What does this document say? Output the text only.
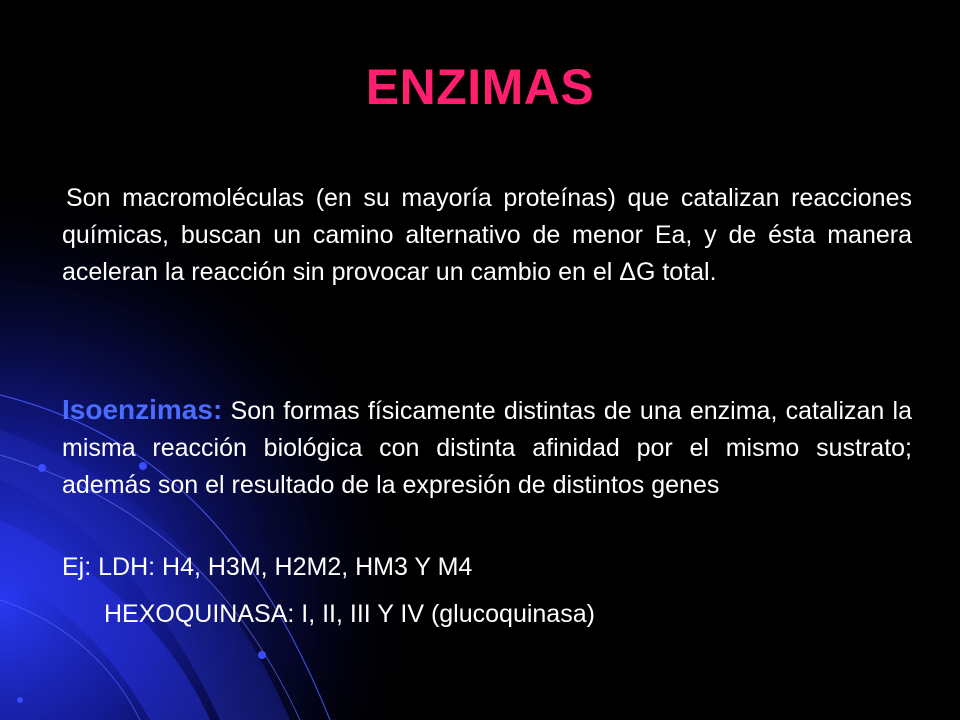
ENZIMAS
Son macromoléculas (en su mayoría proteínas) que catalizan reacciones químicas, buscan un camino alternativo de menor Ea, y de ésta manera aceleran la reacción sin provocar un cambio en el ΔG total.
Isoenzimas: Son formas físicamente distintas de una enzima, catalizan la misma reacción biológica con distinta afinidad por el mismo sustrato; además son el resultado de la expresión de distintos genes
Ej: LDH: H4, H3M, H2M2, HM3 Y M4
HEXOQUINASA: I, II, III Y IV (glucoquinasa)
